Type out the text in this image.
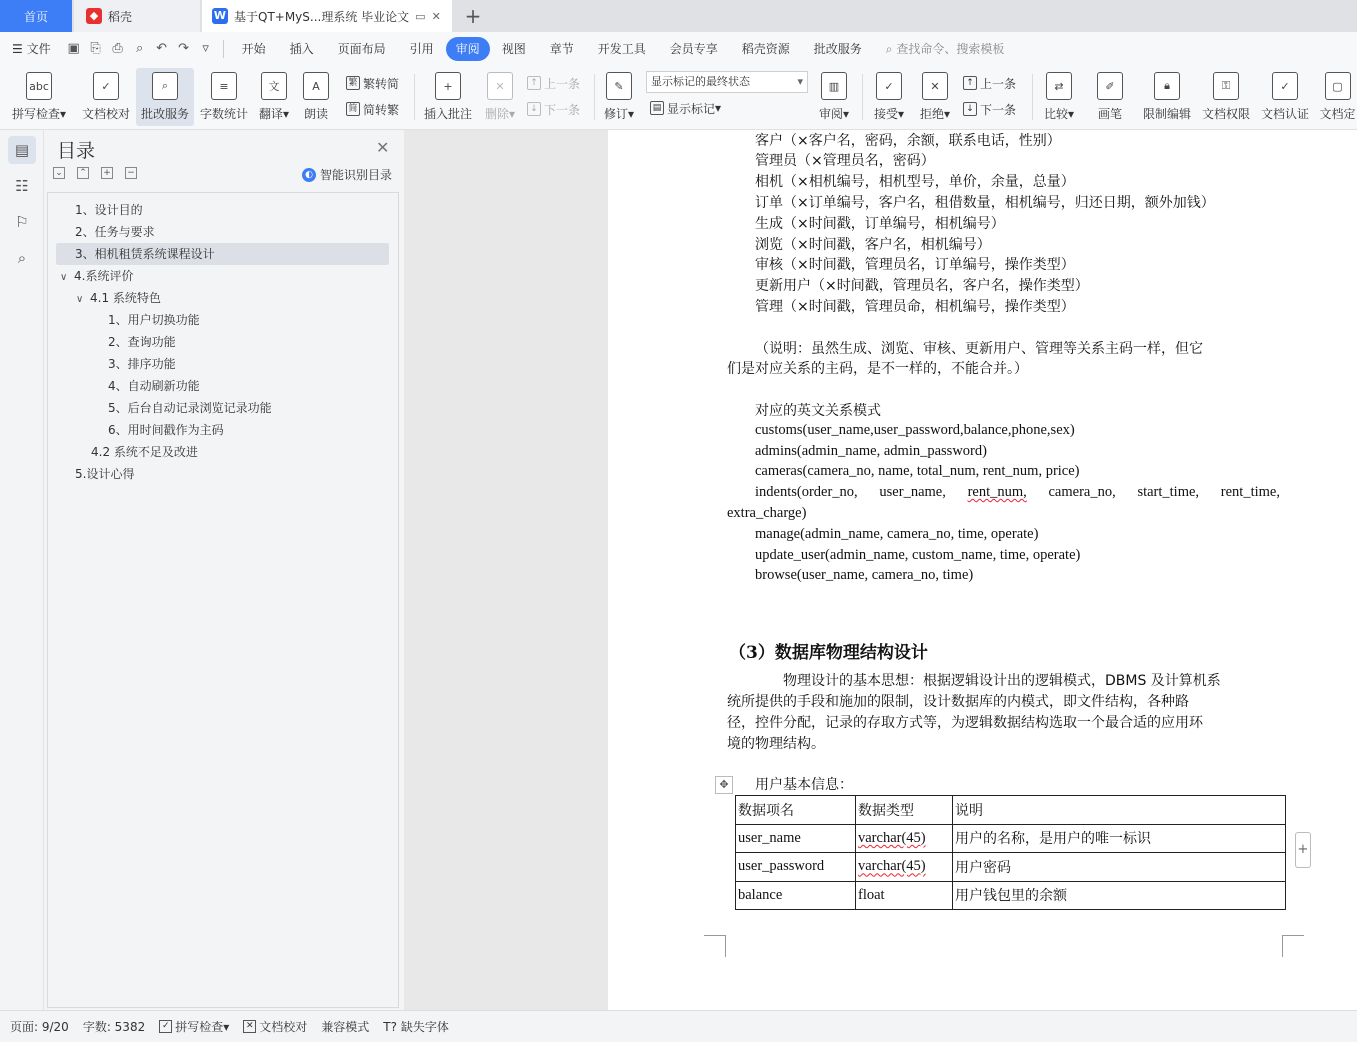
首页	◆ 稻壳	W 基于QT+MyS...理系统 毕业论文 ▭ ✕ +
☰ 文件	▣ ⎘ ⎙	⌕ ↶ ↷	▿	开始	插入	页面布局	引用	审阅	视图	章节	开发工具	会员专享	稻壳资源	批改服务	⌕ 查找命令、搜索模板
abc
拼写检查▾
✓
文档校对
⌕
批改服务
≡
字数统计
文
翻译▾
A
朗读
繁 繁转简
简 简转繁
+
插入批注
✕
删除▾
↑ 上一条
↓ 下一条
✎
修订▾
显示标记的最终状态 ▾
▤ 显示标记 ▾
▥
审阅▾
✓
接受▾
✕
拒绝▾
↑ 上一条
↓ 下一条
⇄
比较▾
✐
画笔
🔒︎
限制编辑
⚿
文档权限
✓
文档认证
▢
文档定
▤
☷
⚐
⌕
目录	✕
⌄ ⌃ + −	◐ 智能识别目录
1、设计目的
2、任务与要求
3、相机租赁系统课程设计
∨ 4.系统评价
∨ 4.1 系统特色
1、用户切换功能
2、查询功能
3、排序功能
4、自动刷新功能
5、后台自动记录浏览记录功能
6、用时间戳作为主码
4.2 系统不足及改进
5.设计心得
客户（×客户名，密码，余额，联系电话，性别）
管理员（×管理员名，密码）
相机（×相机编号，相机型号，单价，余量，总量）
订单（×订单编号，客户名，租借数量，相机编号，归还日期，额外加钱）
生成（×时间戳，订单编号，相机编号）
浏览（×时间戳，客户名，相机编号）
审核（×时间戳，管理员名，订单编号，操作类型）
更新用户（×时间戳，管理员名，客户名，操作类型）
管理（×时间戳，管理员命，相机编号，操作类型）
（说明：虽然生成、浏览、审核、更新用户、管理等关系主码一样，但它
们是对应关系的主码，是不一样的，不能合并。）
对应的英文关系模式
customs(user_name,user_password,balance,phone,sex)
admins(admin_name, admin_password)
cameras(camera_no, name, total_num, rent_num, price)
indents(order_no, user_name, rent_num, camera_no, start_time, rent_time,
extra_charge)
manage(admin_name, camera_no, time, operate)
update_user(admin_name, custom_name, time, operate)
browse(user_name, camera_no, time)
（3）数据库物理结构设计
物理设计的基本思想：根据逻辑设计出的逻辑模式，DBMS 及计算机系
统所提供的手段和施加的限制，设计数据库的内模式，即文件结构，各种路
径，控件分配，记录的存取方式等，为逻辑数据结构选取一个最合适的应用环
境的物理结构。
✥	用户基本信息：
数据项名	数据类型	说明
user_name	varchar(45)	用户的名称，是用户的唯一标识
user_password	varchar(45)	用户密码
balance	float	用户钱包里的余额
+
页面: 9/20 字数: 5382	✓ 拼写检查 ▾	✕ 文档校对 兼容模式 T?
缺失字体
